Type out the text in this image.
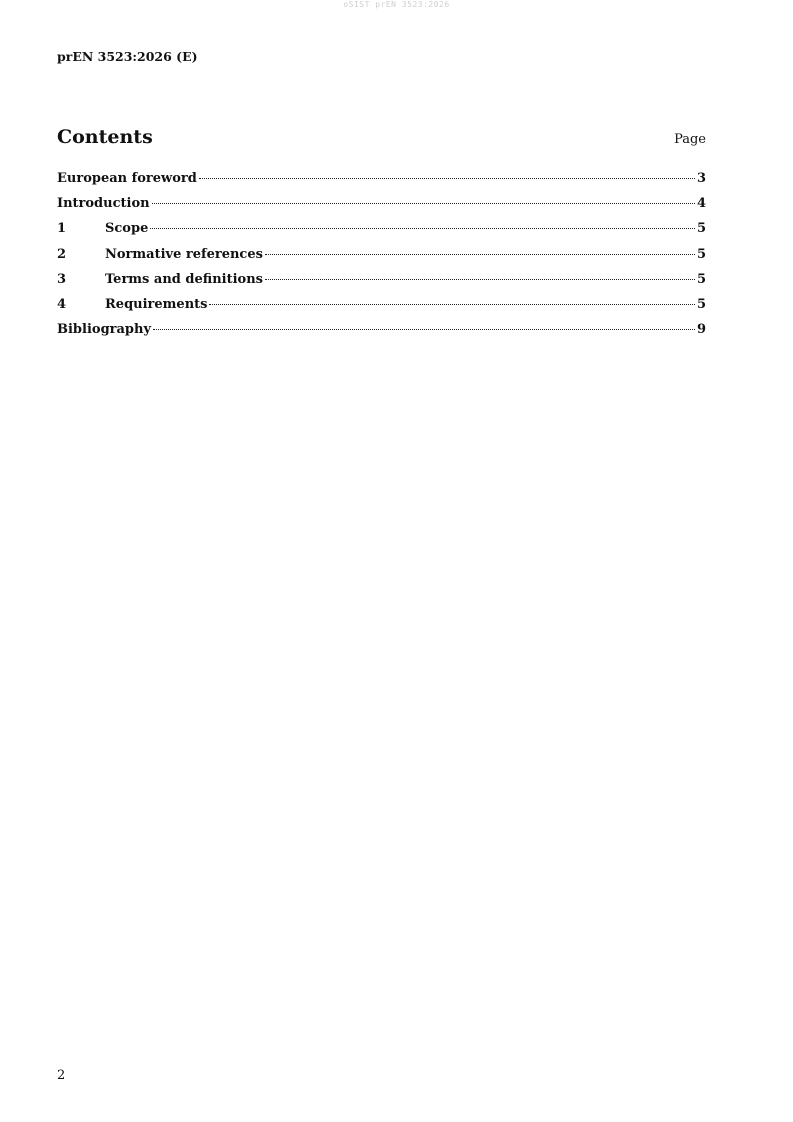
oSIST prEN 3523:2026
prEN 3523:2026 (E)
Contents	Page
European foreword	3
Introduction	4
1	Scope	5
2	Normative references	5
3	Terms and definitions	5
4	Requirements	5
Bibliography	9
2
